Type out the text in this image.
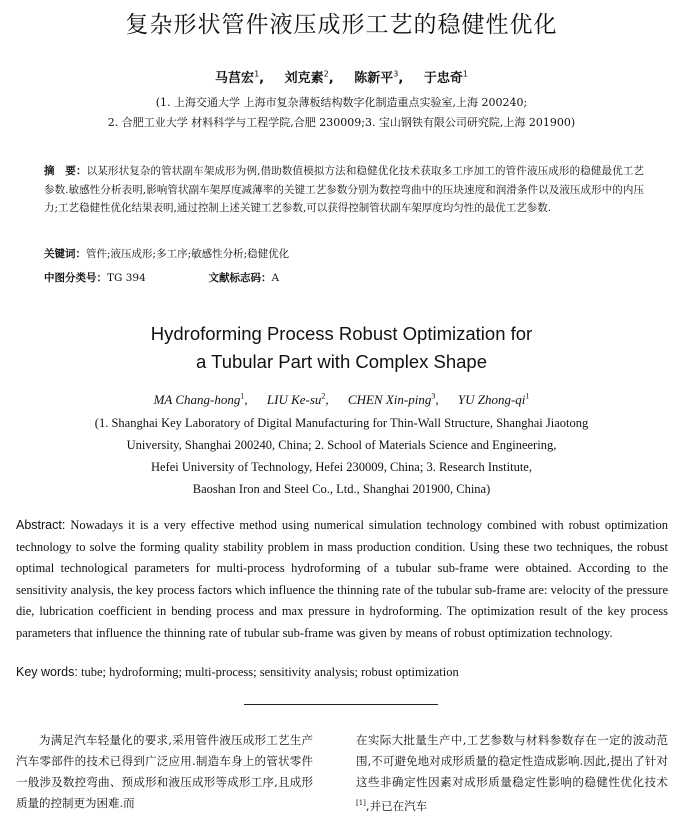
复杂形状管件液压成形工艺的稳健性优化
马莒宏$^1$, 刘克素$^2$, 陈新平$^3$, 于忠奇$^1$
(1. 上海交通大学 上海市复杂薄板结构数字化制造重点实验室,上海 200240;
2. 合肥工业大学 材料科学与工程学院,合肥 230009;3. 宝山钢铁有限公司研究院,上海 201900)
摘　要：以某形状复杂的管状副车架成形为例,借助数值模拟方法和稳健优化技术获取多工序加工的管件液压成形的稳健最优工艺参数.敏感性分析表明,影响管状副车架厚度减薄率的关键工艺参数分别为数控弯曲中的压块速度和润滑条件以及液压成形中的内压力;工艺稳健性优化结果表明,通过控制上述关键工艺参数,可以获得控制管状副车架厚度均匀性的最优工艺参数.
关键词：管件;液压成形;多工序;敏感性分析;稳健优化
中图分类号：TG 394	文献标志码：A
Hydroforming Process Robust Optimization for
a Tubular Part with Complex Shape
MA Chang-hong$^1$, LIU $Ke-su^2$, CHEN Xin-ping$^3$, YU Zhong-$qi^1$
(1. Shanghai Key Laboratory of Digital Manufacturing for Thin-Wall Structure, Shanghai Jiaotong
University, Shanghai 200240, China; 2. School of Materials Science and Engineering,
Hefei University of Technology, Hefei 230009, China; 3. Research Institute,
Baoshan Iron and Steel Co., Ltd., Shanghai 201900, China)
Abstract: Nowadays it is a very effective method using numerical simulation technology combined with robust optimization technology to solve the forming quality stability problem in mass production condition. Using these two techniques, the robust optimal technological parameters for multi-process hydroforming of a tubular sub-frame were obtained. According to the sensitivity analysis, the key process factors which influence the thinning rate of the tubular sub-frame are: velocity of the pressure die, lubrication coefficient in bending process and max pressure in hydroforming. The optimization result of the key process parameters that influence the thinning rate of tubular sub-frame was given by means of robust optimization technology.
Key words: tube; hydroforming; multi-process; sensitivity analysis; robust optimization
为满足汽车轻量化的要求,采用管件液压成形工艺生产汽车零部件的技术已得到广泛应用.制造车身上的管状零件一般涉及数控弯曲、预成形和液压成形等成形工序,且成形质量的控制更为困难.而
在实际大批量生产中,工艺参数与材料参数存在一定的波动范围,不可避免地对成形质量的稳定性造成影响.因此,提出了针对这些非确定性因素对成形质量稳定性影响的稳健性优化技术[1],并已在汽车
